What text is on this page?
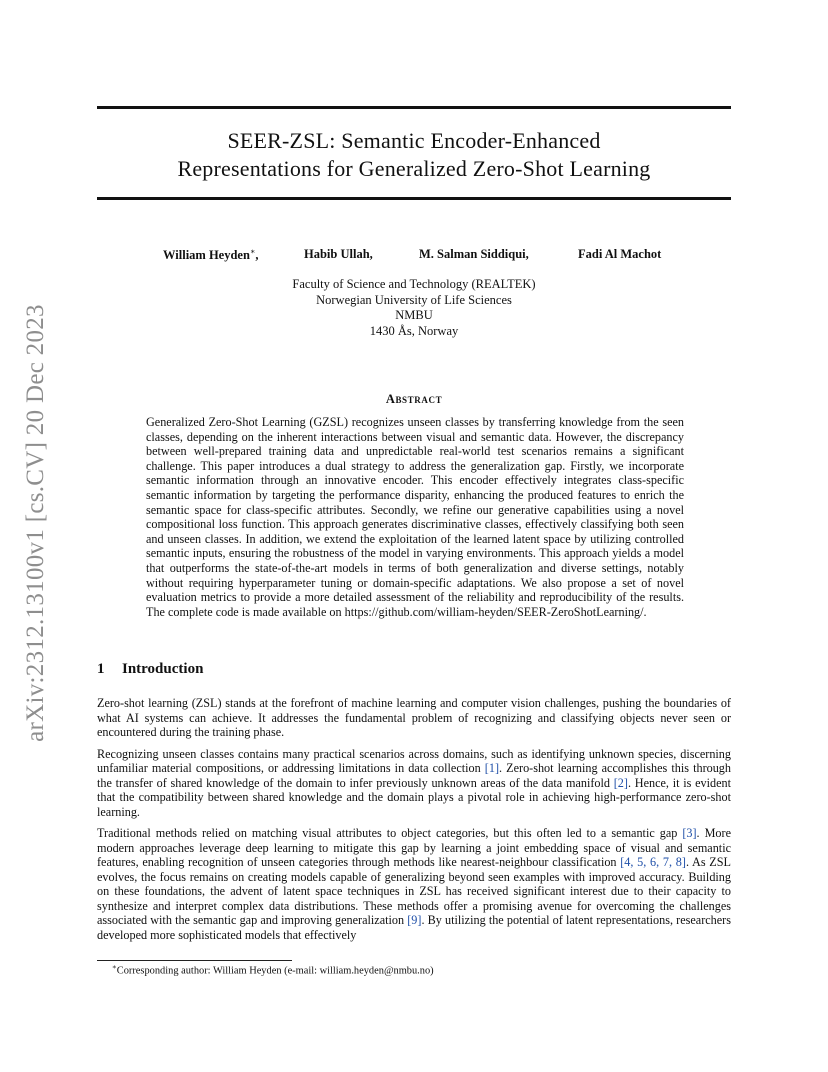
arXiv:2312.13100v1 [cs.CV] 20 Dec 2023
SEER-ZSL: Semantic Encoder-Enhanced
Representations for Generalized Zero-Shot Learning
William Heyden∗,	Habib Ullah,	M. Salman Siddiqui,	Fadi Al Machot
Faculty of Science and Technology (REALTEK)
Norwegian University of Life Sciences
NMBU
1430 Ås, Norway
Abstract

Generalized Zero-Shot Learning (GZSL) recognizes unseen classes by transferring knowledge from the seen classes, depending on the inherent interactions between visual and semantic data. However, the discrepancy between well-prepared training data and unpredictable real-world test scenarios remains a significant challenge. This paper introduces a dual strategy to address the generalization gap. Firstly, we incorporate semantic information through an innovative encoder. This encoder effectively integrates class-specific semantic information by targeting the performance disparity, enhancing the produced features to enrich the semantic space for class-specific attributes. Secondly, we refine our generative capabilities using a novel compositional loss function. This approach generates discriminative classes, effectively classifying both seen and unseen classes. In addition, we extend the exploitation of the learned latent space by utilizing controlled semantic inputs, ensuring the robustness of the model in varying environments. This approach yields a model that outperforms the state-of-the-art models in terms of both generalization and diverse settings, notably without requiring hyperparameter tuning or domain-specific adaptations. We also propose a set of novel evaluation metrics to provide a more detailed assessment of the reliability and reproducibility of the results. The complete code is made available on https://github.com/william-heyden/SEER-ZeroShotLearning/.

1 Introduction

Zero-shot learning (ZSL) stands at the forefront of machine learning and computer vision challenges, pushing the boundaries of what AI systems can achieve. It addresses the fundamental problem of recognizing and classifying objects never seen or encountered during the training phase.

Recognizing unseen classes contains many practical scenarios across domains, such as identifying unknown species, discerning unfamiliar material compositions, or addressing limitations in data collection [1]. Zero-shot learning accomplishes this through the transfer of shared knowledge of the domain to infer previously unknown areas of the data manifold [2]. Hence, it is evident that the compatibility between shared knowledge and the domain plays a pivotal role in achieving high-performance zero-shot learning.

Traditional methods relied on matching visual attributes to object categories, but this often led to a semantic gap [3]. More modern approaches leverage deep learning to mitigate this gap by learning a joint embedding space of visual and semantic features, enabling recognition of unseen categories through methods like nearest-neighbour classification [4, 5, 6, 7, 8]. As ZSL evolves, the focus remains on creating models capable of generalizing beyond seen examples with improved accuracy. Building on these foundations, the advent of latent space techniques in ZSL has received significant interest due to their capacity to synthesize and interpret complex data distributions. These methods offer a promising avenue for overcoming the challenges associated with the semantic gap and improving generalization [9]. By utilizing the potential of latent representations, researchers developed more sophisticated models that effectively

∗Corresponding author: William Heyden (e-mail: william.heyden@nmbu.no)
